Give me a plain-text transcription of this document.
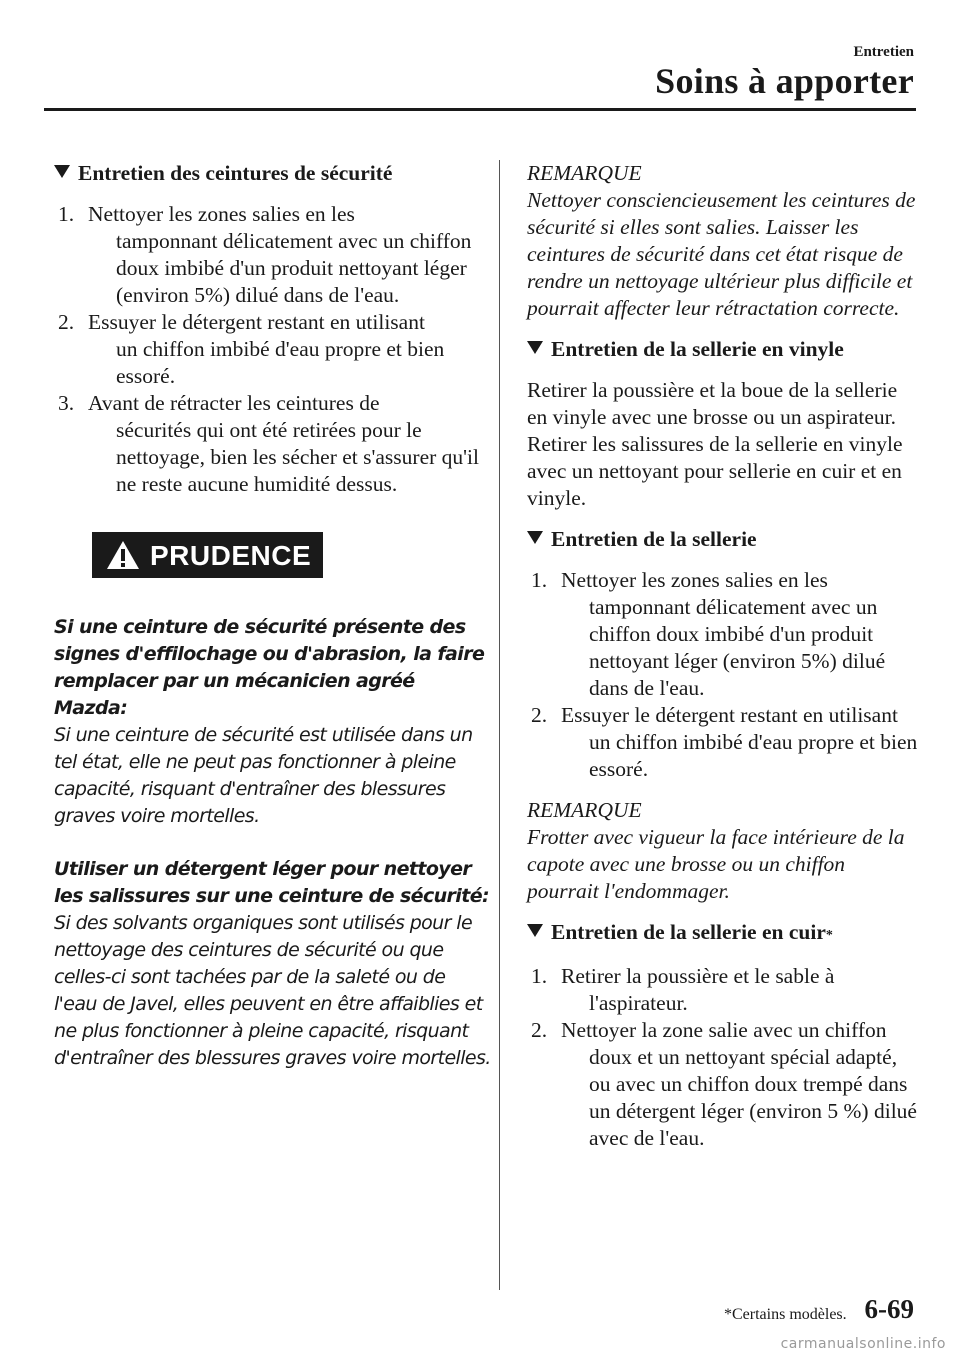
Entretien
Soins à apporter
Entretien des ceintures de sécurité
1. Nettoyer les zones salies en les
tamponnant délicatement avec un chiffon doux imbibé d'un produit nettoyant léger (environ 5%) dilué dans de l'eau.
2. Essuyer le détergent restant en utilisant
un chiffon imbibé d'eau propre et bien essoré.
3. Avant de rétracter les ceintures de
sécurités qui ont été retirées pour le nettoyage, bien les sécher et s'assurer qu'il ne reste aucune humidité dessus.
PRUDENCE

Si une ceinture de sécurité présente des signes d'effilochage ou d'abrasion, la faire remplacer par un mécanicien agréé Mazda:

Si une ceinture de sécurité est utilisée dans un tel état, elle ne peut pas fonctionner à pleine capacité, risquant d'entraîner des blessures graves voire mortelles.

Utiliser un détergent léger pour nettoyer les salissures sur une ceinture de sécurité:

Si des solvants organiques sont utilisés pour le nettoyage des ceintures de sécurité ou que celles-ci sont tachées par de la saleté ou de l'eau de Javel, elles peuvent en être affaiblies et ne plus fonctionner à pleine capacité, risquant d'entraîner des blessures graves voire mortelles.

REMARQUE
Nettoyer consciencieusement les ceintures de sécurité si elles sont salies. Laisser les ceintures de sécurité dans cet état risque de rendre un nettoyage ultérieur plus difficile et pourrait affecter leur rétractation correcte.
Entretien de la sellerie en vinyle

Retirer la poussière et la boue de la sellerie en vinyle avec une brosse ou un aspirateur. Retirer les salissures de la sellerie en vinyle avec un nettoyant pour sellerie en cuir et en vinyle.

Entretien de la sellerie
1. Nettoyer les zones salies en les
tamponnant délicatement avec un chiffon doux imbibé d'un produit nettoyant léger (environ 5%) dilué dans de l'eau.
2. Essuyer le détergent restant en utilisant
un chiffon imbibé d'eau propre et bien essoré.
REMARQUE
Frotter avec vigueur la face intérieure de la capote avec une brosse ou un chiffon pourrait l'endommager.
Entretien de la sellerie en cuir *
1. Retirer la poussière et le sable à
l'aspirateur.
2. Nettoyer la zone salie avec un chiffon
doux et un nettoyant spécial adapté, ou avec un chiffon doux trempé dans un détergent léger (environ 5 %) dilué avec de l'eau.
*Certains modèles. 6-69
carmanualsonline.info
